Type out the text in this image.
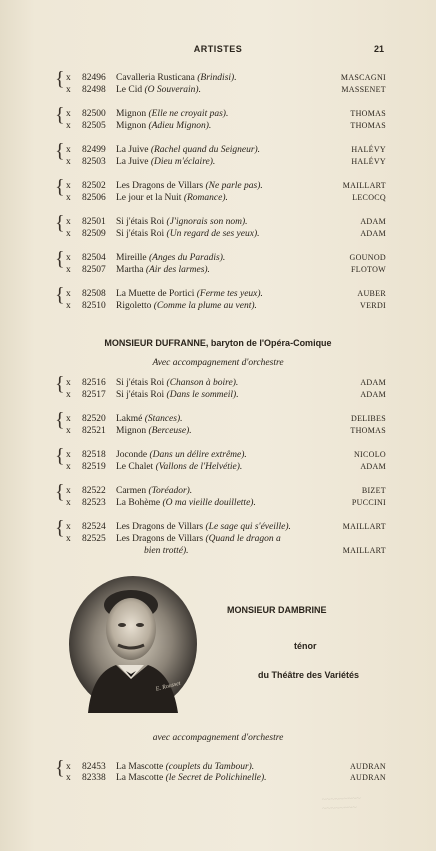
ARTISTES	21
{ x 82496 Cavalleria Rusticana (Brindisi).	MASCAGNI
x 82498 Le Cid (O Souverain).	MASSENET
{ x 82500 Mignon (Elle ne croyait pas).	THOMAS
x 82505 Mignon (Adieu Mignon).	THOMAS
{ x 82499 La Juive (Rachel quand du Seigneur).	HALÉVY
x 82503 La Juive (Dieu m'éclaire).	HALÉVY
{ x 82502 Les Dragons de Villars (Ne parle pas).	MAILLART
x 82506 Le jour et la Nuit (Romance).	LECOCQ
{ x 82501 Si j'étais Roi (J'ignorais son nom).	ADAM
x 82509 Si j'étais Roi (Un regard de ses yeux).	ADAM
{ x 82504 Mireille (Anges du Paradis).	GOUNOD
x 82507 Martha (Air des larmes).	FLOTOW
{ x 82508 La Muette de Portici (Ferme tes yeux).	AUBER
x 82510 Rigoletto (Comme la plume au vent).	VERDI
MONSIEUR DUFRANNE, baryton de l'Opéra-Comique
Avec accompagnement d'orchestre
{ x 82516 Si j'étais Roi (Chanson à boire).	ADAM
x 82517 Si j'étais Roi (Dans le sommeil).	ADAM
{ x 82520 Lakmé (Stances).	DELIBES
x 82521 Mignon (Berceuse).	THOMAS
{ x 82518 Joconde (Dans un délire extrême).	NICOLO
x 82519 Le Chalet (Vallons de l'Helvétie).	ADAM
{ x 82522 Carmen (Toréador).	BIZET
x 82523 La Bohème (O ma vieille douillette).	PUCCINI
{ x 82524 Les Dragons de Villars (Le sage qui s'éveille).	MAILLART
x 82525 Les Dragons de Villars (Quand le dragon a
bien trotté).	MAILLART
E. Rousset
MONSIEUR DAMBRINE
ténor
du Théâtre des Variétés
avec accompagnement d'orchestre
{ x 82453 La Mascotte (couplets du Tambour).	AUDRAN
x 82338 La Mascotte (le Secret de Polichinelle).	AUDRAN
~~~~~~~~~
~~~~~~~~
